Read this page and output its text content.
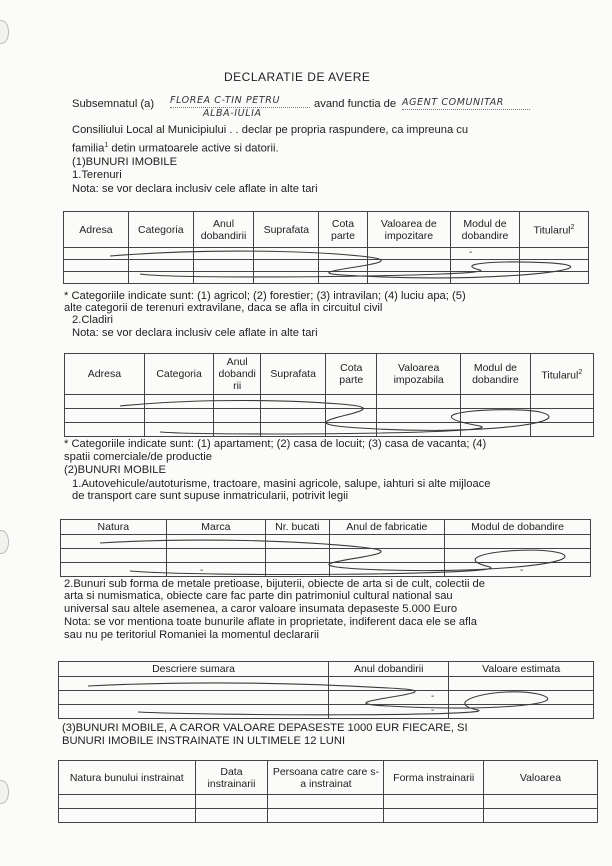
DECLARATIE DE AVERE
Subsemnatul (a) FLOREA C-TIN PETRU	avand functia de AGENT COMUNITAR
ALBA-IULIA
Consiliului Local al Municipiului . . declar pe propria raspundere, ca impreuna cu
familia$^1$ detin urmatoarele active si datorii.
(1)BUNURI IMOBILE
1.Terenuri
Nota: se vor declara inclusiv cele aflate in alte tari
Adresa	Categoria	Anul dobandirii	Suprafata	Cota parte	Valoarea de impozitare	Modul de dobandire	Titularul$^2$

-
* Categoriile indicate sunt: (1) agricol; (2) forestier; (3) intravilan; (4) luciu apa; (5)
alte categorii de terenuri extravilane, daca se afla in circuitul civil
2.Cladiri
Nota: se vor declara inclusiv cele aflate in alte tari
Adresa	Categoria	Anul dobandi rii	Suprafata	Cota parte	Valoarea impozabila	Modul de dobandire	Titularul$^2$

* Categoriile indicate sunt: (1) apartament; (2) casa de locuit; (3) casa de vacanta; (4)
spatii comerciale/de productie
(2)BUNURI MOBILE
1.Autovehicule/autoturisme, tractoare, masini agricole, salupe, iahturi si alte mijloace
de transport care sunt supuse inmatricularii, potrivit legii
Natura	Marca	Nr. bucati	Anul de fabricatie	Modul de dobandire

-	-
2.Bunuri sub forma de metale pretioase, bijuterii, obiecte de arta si de cult, colectii de
arta si numismatica, obiecte care fac parte din patrimoniul cultural national sau
universal sau altele asemenea, a caror valoare insumata depaseste 5.000 Euro
Nota: se vor mentiona toate bunurile aflate in proprietate, indiferent daca ele se afla
sau nu pe teritoriul Romaniei la momentul declararii
Descriere sumara	Anul dobandirii	Valoare estimata

-
-
(3)BUNURI MOBILE, A CAROR VALOARE DEPASESTE 1000 EUR FIECARE, SI
BUNURI IMOBILE INSTRAINATE IN ULTIMELE 12 LUNI
Natura bunului instrainat	Data instrainarii	Persoana catre care s-a instrainat	Forma instrainarii	Valoarea
